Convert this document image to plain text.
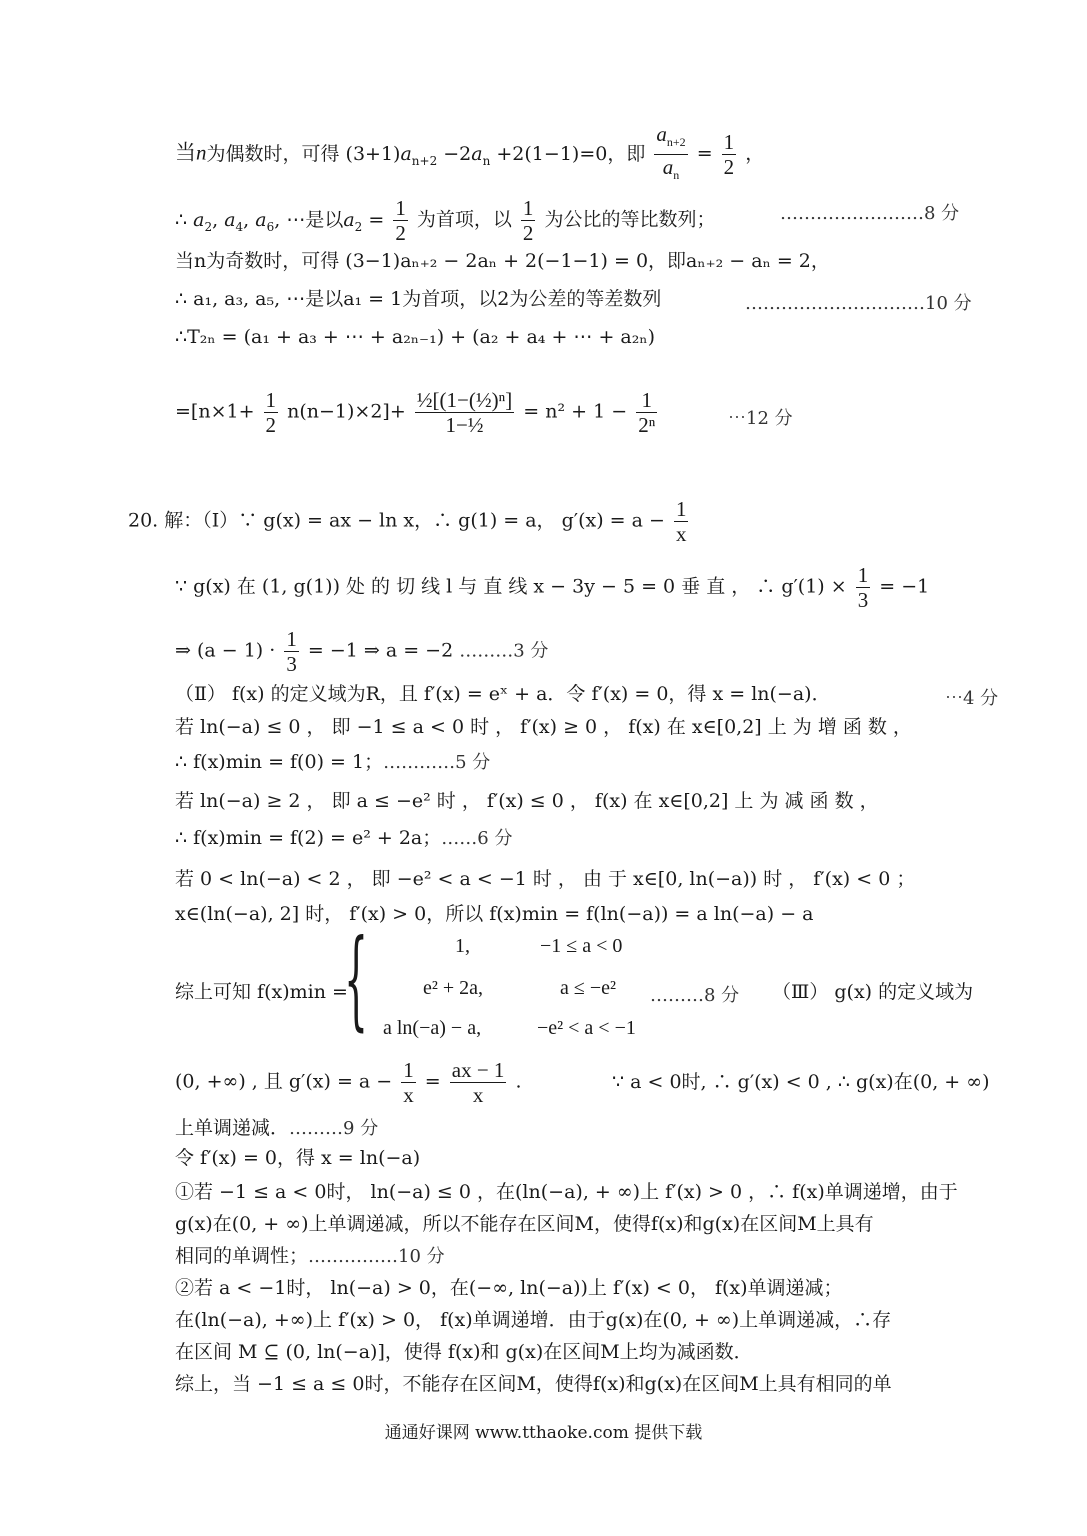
当n为偶数时，可得 $(3+1)a_{n+2} -2a_n +2(1-1)=0$，即 $\frac{a_{n+2}}{a_n} = \frac{1}{2}$ ，
∴ $a_2$, $a_4$, $a_6$, ⋯是以$a_2 = \frac{1}{2}$ 为首项，以 $\frac{1}{2}$ 为公比的等比数列；	……………………8 分
当n为奇数时，可得 (3−1)aₙ₊₂ − 2aₙ + 2(−1−1) = 0，即aₙ₊₂ − aₙ = 2，
∴ a₁, a₃, a₅, ⋯是以a₁ = 1为首项，以2为公差的等差数列	…………………………10 分
∴T₂ₙ = (a₁ + a₃ + ⋯ + a₂ₙ₋₁) + (a₂ + a₄ + ⋯ + a₂ₙ)
$=[n\times 1+ \frac{1}{2} n(n-1)\times 2]+ \frac{\text{½[(1−(½)ⁿ]}}{\text{1−½}} = n^2 + 1 - \frac{1}{\text{2ⁿ}}$	⋯12 分
20. 解：（Ⅰ）∵ g(x) = ax − ln x，∴ g(1) = a， $g'(x) = a - \frac{1}{x}$
∵ g(x) 在 (1, g(1)) 处 的 切 线 l 与 直 线 x − 3y − 5 = 0 垂 直 ， ∴ $g'(1) \times \frac{1}{3} = -1$
⇒ $(a - 1) \cdot \frac{1}{3} = -1$ ⇒ a = −2 ………3 分
（Ⅱ） f(x) 的定义域为R，且 f′(x) = eˣ + a．令 f′(x) = 0，得 x = ln(−a)．	⋯4 分
若 ln(−a) ≤ 0 ， 即 −1 ≤ a < 0 时 ， f′(x) ≥ 0 ， f(x) 在 x∈[0,2] 上 为 增 函 数 ，
∴ f(x)min = f(0) = 1；…………5 分
若 ln(−a) ≥ 2 ， 即 a ≤ −e² 时 ， f′(x) ≤ 0 ， f(x) 在 x∈[0,2] 上 为 减 函 数 ，
∴ f(x)min = f(2) = e² + 2a；……6 分
若 0 < ln(−a) < 2 ， 即 −e² < a < −1 时 ， 由 于 x∈[0, ln(−a)) 时 ， f′(x) < 0 ；
x∈(ln(−a), 2] 时， f′(x) > 0，所以 f(x)min = f(ln(−a)) = a ln(−a) − a
综上可知 f(x)min =
{	1,	−1 ≤ a < 0
e² + 2a,	a ≤ −e²
a ln(−a) − a,	−e² < a < −1
………8 分 （Ⅲ） g(x) 的定义域为
(0, +∞) , 且 $g'(x) = a - \frac{1}{x} = \frac{ax - 1}{x}$ .	∵ a < 0时, ∴ g′(x) < 0 , ∴ g(x)在(0, + ∞)
上单调递减．………9 分
令 f′(x) = 0，得 x = ln(−a)
①若 −1 ≤ a < 0时， ln(−a) ≤ 0 ，在(ln(−a), + ∞)上 f′(x) > 0 ，∴ f(x)单调递增，由于
g(x)在(0, + ∞)上单调递减，所以不能存在区间M，使得f(x)和g(x)在区间M上具有
相同的单调性；……………10 分
②若 a < −1时， ln(−a) > 0，在(−∞, ln(−a))上 f′(x) < 0， f(x)单调递减；
在(ln(−a), +∞)上 f′(x) > 0， f(x)单调递增．由于g(x)在(0, + ∞)上单调递减，∴存
在区间 M ⊆ (0, ln(−a)]，使得 f(x)和 g(x)在区间M上均为减函数．
综上，当 −1 ≤ a ≤ 0时，不能存在区间M，使得f(x)和g(x)在区间M上具有相同的单
通通好课网 www.tthaoke.com 提供下载
